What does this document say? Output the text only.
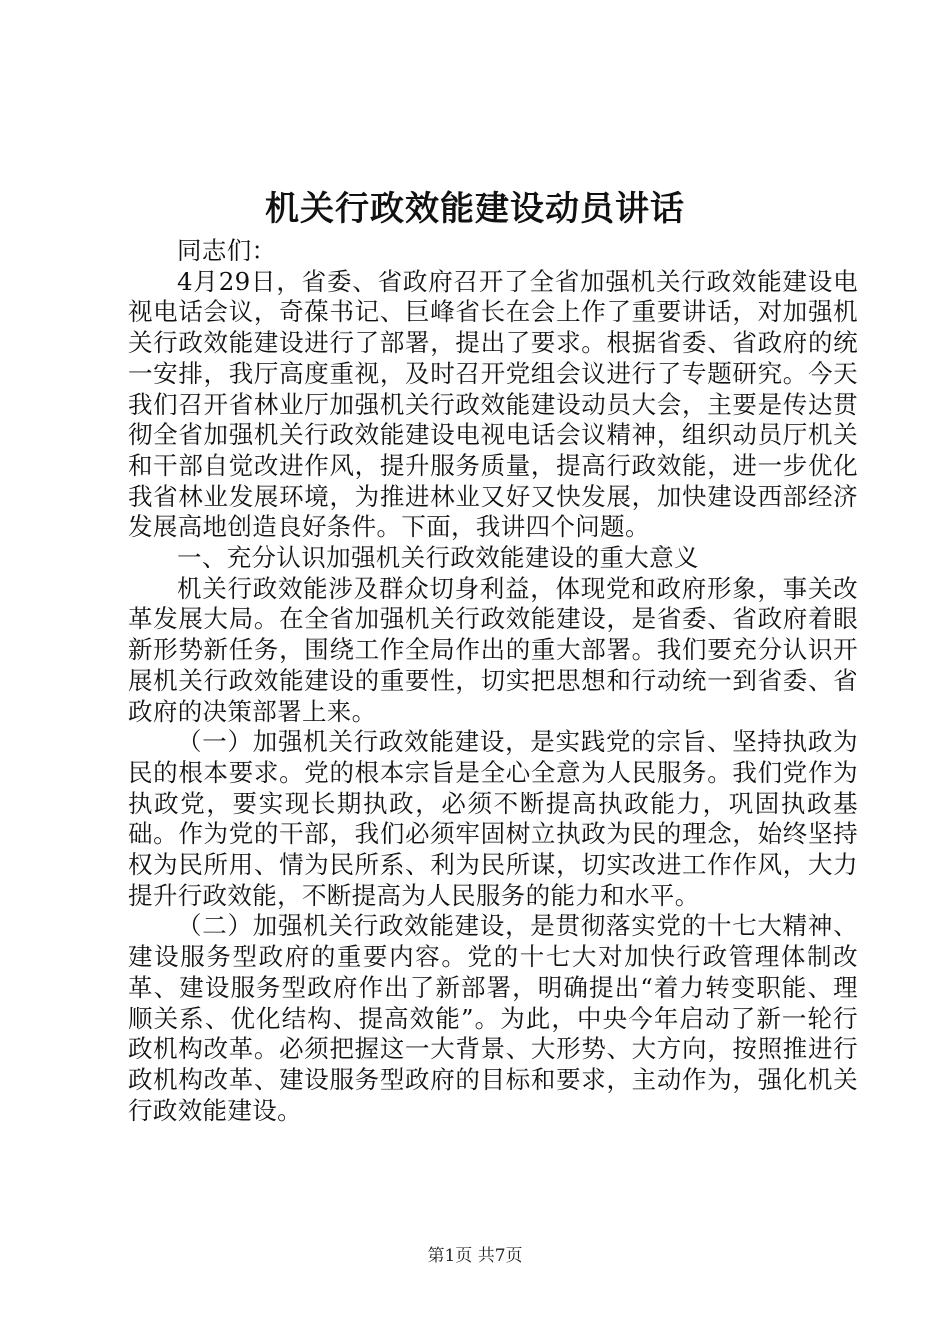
机关行政效能建设动员讲话

同志们：

4月29日，省委、省政府召开了全省加强机关行政效能建设电视电话会议，奇葆书记、巨峰省长在会上作了重要讲话，对加强机关行政效能建设进行了部署，提出了要求。根据省委、省政府的统一安排，我厅高度重视，及时召开党组会议进行了专题研究。今天我们召开省林业厅加强机关行政效能建设动员大会，主要是传达贯彻全省加强机关行政效能建设电视电话会议精神，组织动员厅机关和干部自觉改进作风，提升服务质量，提高行政效能，进一步优化我省林业发展环境，为推进林业又好又快发展，加快建设西部经济发展高地创造良好条件。下面，我讲四个问题。

一、充分认识加强机关行政效能建设的重大意义

机关行政效能涉及群众切身利益，体现党和政府形象，事关改革发展大局。在全省加强机关行政效能建设，是省委、省政府着眼新形势新任务，围绕工作全局作出的重大部署。我们要充分认识开展机关行政效能建设的重要性，切实把思想和行动统一到省委、省政府的决策部署上来。

（一）加强机关行政效能建设，是实践党的宗旨、坚持执政为民的根本要求。党的根本宗旨是全心全意为人民服务。我们党作为执政党，要实现长期执政，必须不断提高执政能力，巩固执政基础。作为党的干部，我们必须牢固树立执政为民的理念，始终坚持权为民所用、情为民所系、利为民所谋，切实改进工作作风，大力提升行政效能，不断提高为人民服务的能力和水平。

（二）加强机关行政效能建设，是贯彻落实党的十七大精神、建设服务型政府的重要内容。党的十七大对加快行政管理体制改革、建设服务型政府作出了新部署，明确提出“着力转变职能、理顺关系、优化结构、提高效能”。为此，中央今年启动了新一轮行政机构改革。必须把握这一大背景、大形势、大方向，按照推进行政机构改革、建设服务型政府的目标和要求，主动作为，强化机关行政效能建设。

第1页 共7页
